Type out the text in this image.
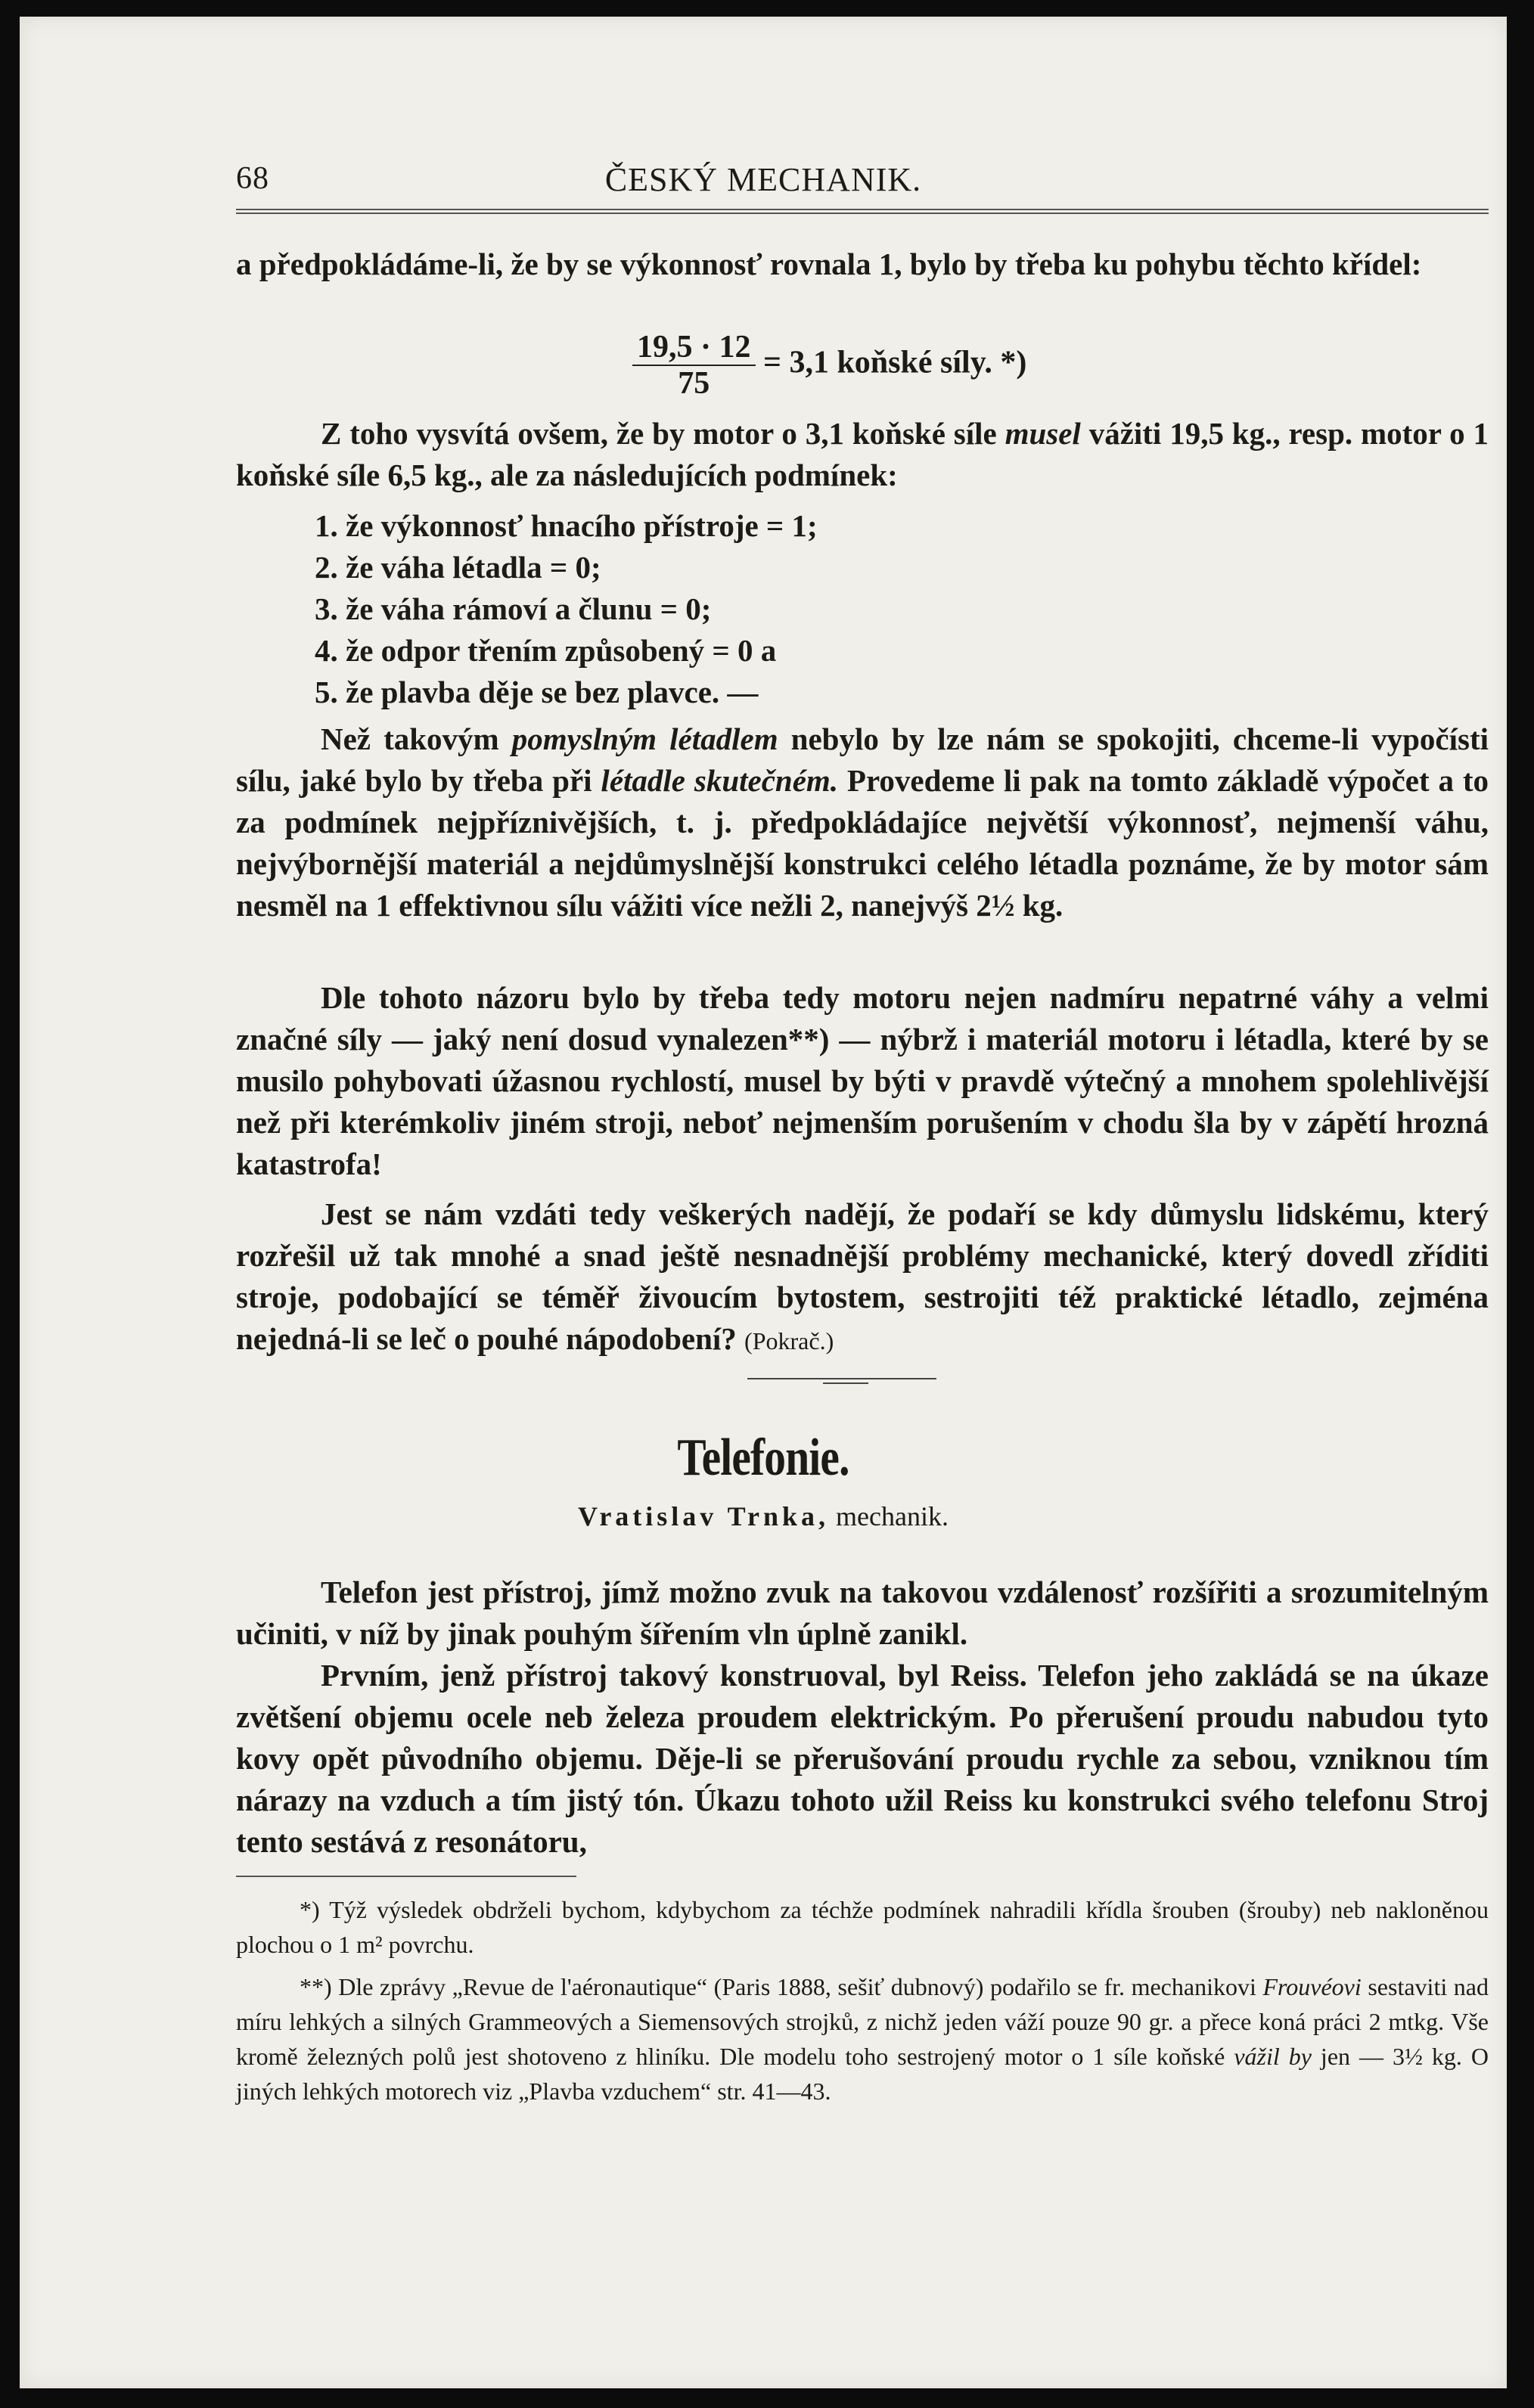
68	ČESKÝ MECHANIK.

a předpokládáme-li, že by se výkonnosť rovnala 1, bylo by třeba ku pohybu těchto křídel:

$\frac{19,5 \cdot 12}{75} = 3,1$ koňské síly. *)

Z toho vysvítá ovšem, že by motor o 3,1 koňské síle musel vážiti 19,5 kg., resp. motor o 1 koňské síle 6,5 kg., ale za následujících podmínek:

1. že výkonnosť hnacího přístroje = 1;
2. že váha létadla = 0;
3. že váha rámoví a člunu = 0;
4. že odpor třením způsobený = 0 a
5. že plavba děje se bez plavce. —

Než takovým pomyslným létadlem nebylo by lze nám se spokojiti, chceme-li vypočísti sílu, jaké bylo by třeba při létadle skutečném. Provedeme li pak na tomto základě výpočet a to za podmínek nejpříznivějších, t. j. předpokládajíce největší výkonnosť, nejmenší váhu, nejvýbornější materiál a nejdůmyslnější konstrukci celého létadla poznáme, že by motor sám nesměl na 1 effektivnou sílu vážiti více nežli 2, nanejvýš 2½ kg.

Dle tohoto názoru bylo by třeba tedy motoru nejen nadmíru nepatrné váhy a velmi značné síly — jaký není dosud vynalezen**) — nýbrž i materiál motoru i létadla, které by se musilo pohybovati úžasnou rychlostí, musel by býti v pravdě výtečný a mnohem spolehlivější než při kterémkoliv jiném stroji, neboť nejmenším porušením v chodu šla by v zápětí hrozná katastrofa!

Jest se nám vzdáti tedy veškerých nadějí, že podaří se kdy důmyslu lidskému, který rozřešil už tak mnohé a snad ještě nesnadnější problémy mechanické, který dovedl zříditi stroje, podobající se téměř živoucím bytostem, sestrojiti též praktické létadlo, zejména nejedná-li se leč o pouhé nápodobení? (Pokrač.)

Telefonie.
Vratislav Trnka, mechanik.

Telefon jest přístroj, jímž možno zvuk na takovou vzdálenosť rozšířiti a srozumitelným učiniti, v níž by jinak pouhým šířením vln úplně zanikl.

Prvním, jenž přístroj takový konstruoval, byl Reiss. Telefon jeho zakládá se na úkaze zvětšení objemu ocele neb železa proudem elektrickým. Po přerušení proudu nabudou tyto kovy opět původního objemu. Děje-li se přerušování proudu rychle za sebou, vzniknou tím nárazy na vzduch a tím jistý tón. Úkazu tohoto užil Reiss ku konstrukci svého telefonu Stroj tento sestává z resonátoru,

*) Týž výsledek obdrželi bychom, kdybychom za téchže podmínek nahradili křídla šrouben (šrouby) neb nakloněnou plochou o 1 m² povrchu.

**) Dle zprávy „Revue de l'aéronautique“ (Paris 1888, sešiť dubnový) podařilo se fr. mechanikovi Frouvéovi sestaviti nad míru lehkých a silných Grammeových a Siemensových strojků, z nichž jeden váží pouze 90 gr. a přece koná práci 2 mtkg. Vše kromě železných polů jest shotoveno z hliníku. Dle modelu toho sestrojený motor o 1 síle koňské vážil by jen — 3½ kg. O jiných lehkých motorech viz „Plavba vzduchem“ str. 41—43.
